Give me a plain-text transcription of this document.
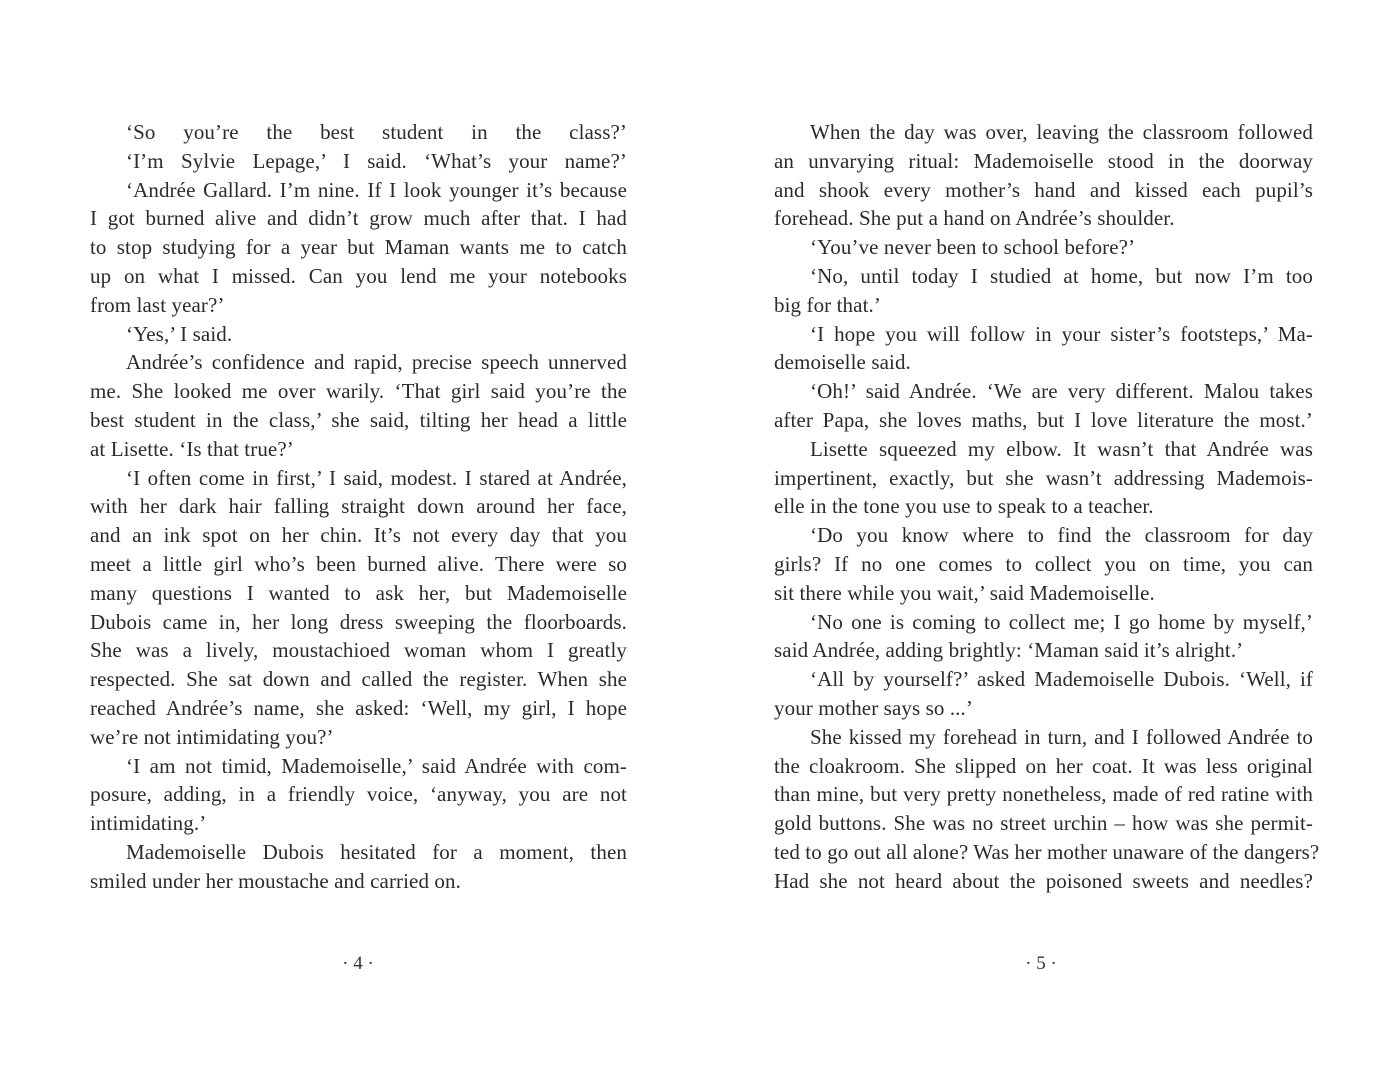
‘So you’re the best student in the class?’
‘I’m Sylvie Lepage,’ I said. ‘What’s your name?’
‘Andrée Gallard. I’m nine. If I look younger it’s because
I got burned alive and didn’t grow much after that. I had
to stop studying for a year but Maman wants me to catch
up on what I missed. Can you lend me your notebooks
from last year?’
‘Yes,’ I said.
Andrée’s confidence and rapid, precise speech unnerved
me. She looked me over warily. ‘That girl said you’re the
best student in the class,’ she said, tilting her head a little
at Lisette. ‘Is that true?’
‘I often come in first,’ I said, modest. I stared at Andrée,
with her dark hair falling straight down around her face,
and an ink spot on her chin. It’s not every day that you
meet a little girl who’s been burned alive. There were so
many questions I wanted to ask her, but Mademoiselle
Dubois came in, her long dress sweeping the floorboards.
She was a lively, moustachioed woman whom I greatly
respected. She sat down and called the register. When she
reached Andrée’s name, she asked: ‘Well, my girl, I hope
we’re not intimidating you?’
‘I am not timid, Mademoiselle,’ said Andrée with com-
posure, adding, in a friendly voice, ‘anyway, you are not
intimidating.’
Mademoiselle Dubois hesitated for a moment, then
smiled under her moustache and carried on.
· 4 ·
When the day was over, leaving the classroom followed
an unvarying ritual: Mademoiselle stood in the doorway
and shook every mother’s hand and kissed each pupil’s
forehead. She put a hand on Andrée’s shoulder.
‘You’ve never been to school before?’
‘No, until today I studied at home, but now I’m too
big for that.’
‘I hope you will follow in your sister’s footsteps,’ Ma-
demoiselle said.
‘Oh!’ said Andrée. ‘We are very different. Malou takes
after Papa, she loves maths, but I love literature the most.’
Lisette squeezed my elbow. It wasn’t that Andrée was
impertinent, exactly, but she wasn’t addressing Mademois-
elle in the tone you use to speak to a teacher.
‘Do you know where to find the classroom for day
girls? If no one comes to collect you on time, you can
sit there while you wait,’ said Mademoiselle.
‘No one is coming to collect me; I go home by myself,’
said Andrée, adding brightly: ‘Maman said it’s alright.’
‘All by yourself?’ asked Mademoiselle Dubois. ‘Well, if
your mother says so ...’
She kissed my forehead in turn, and I followed Andrée to
the cloakroom. She slipped on her coat. It was less original
than mine, but very pretty nonetheless, made of red ratine with
gold buttons. She was no street urchin – how was she permit-
ted to go out all alone? Was her mother unaware of the dangers?
Had she not heard about the poisoned sweets and needles?
· 5 ·
